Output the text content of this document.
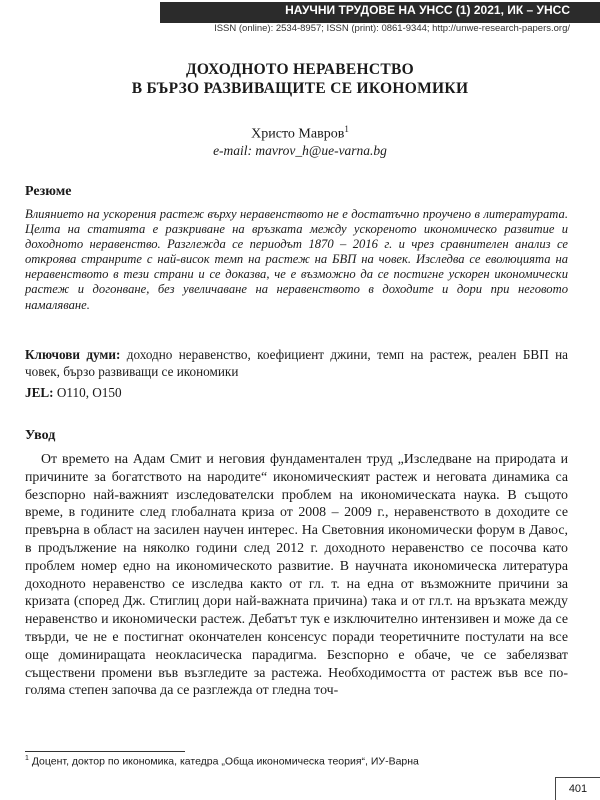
НАУЧНИ ТРУДОВЕ НА УНСС (1) 2021, ИК – УНСС
ISSN (online): 2534-8957; ISSN (print): 0861-9344; http://unwe-research-papers.org/
ДОХОДНОТО НЕРАВЕНСТВО
В БЪРЗО РАЗВИВАЩИТЕ СЕ ИКОНОМИКИ
Христо Мавров$^1$
e-mail: mavrov_h@ue-varna.bg
Резюме
Влиянието на ускорения растеж върху неравенството не е достатъчно проучено в литературата. Целта на статията е разкриване на връзката между ускореното икономическо развитие и доходното неравенство. Разглежда се периодът 1870 – 2016 г. и чрез сравнителен анализ се откроява странрите с най-висок темп на растеж на БВП на човек. Изследва се еволюцията на неравенството в тези страни и се доказва, че е възможно да се постигне ускорен икономически растеж и догонване, без увеличаване на неравенството в доходите и дори при неговото намаляване.
Ключови думи: доходно неравенство, коефициент джини, темп на растеж, реален БВП на човек, бързо развиващи се икономики
JEL: O110, O150
Увод
От времето на Адам Смит и неговия фундаментален труд „Изследване на природата и причините за богатството на народите“ икономическият растеж и неговата динамика са безспорно най-важният изследователски проблем на икономическата наука. В същото време, в годините след глобалната криза от 2008 – 2009 г., неравенството в доходите се превърна в област на засилен научен интерес. На Световния икономически форум в Давос, в продължение на няколко години след 2012 г. доходното неравенство се посочва като проблем номер едно на икономическото развитие. В научната икономическа литература доходното неравенство се изследва както от гл. т. на една от възможните причини за кризата (според Дж. Стиглиц дори най-важната причина) така и от гл.т. на връзката между неравенство и икономически растеж. Дебатът тук е изключително интензивен и може да се твърди, че не е постигнат окончателен консенсус поради теоретичните постулати на все още доминиращата неокласическа парадигма. Безспорно е обаче, че се забелязват съществени промени във възгледите за растежа. Необходимостта от растеж във все по-голяма степен започва да се разглежда от гледна точ-
$^1$ Доцент, доктор по икономика, катедра „Обща икономическа теория“, ИУ-Варна
401
